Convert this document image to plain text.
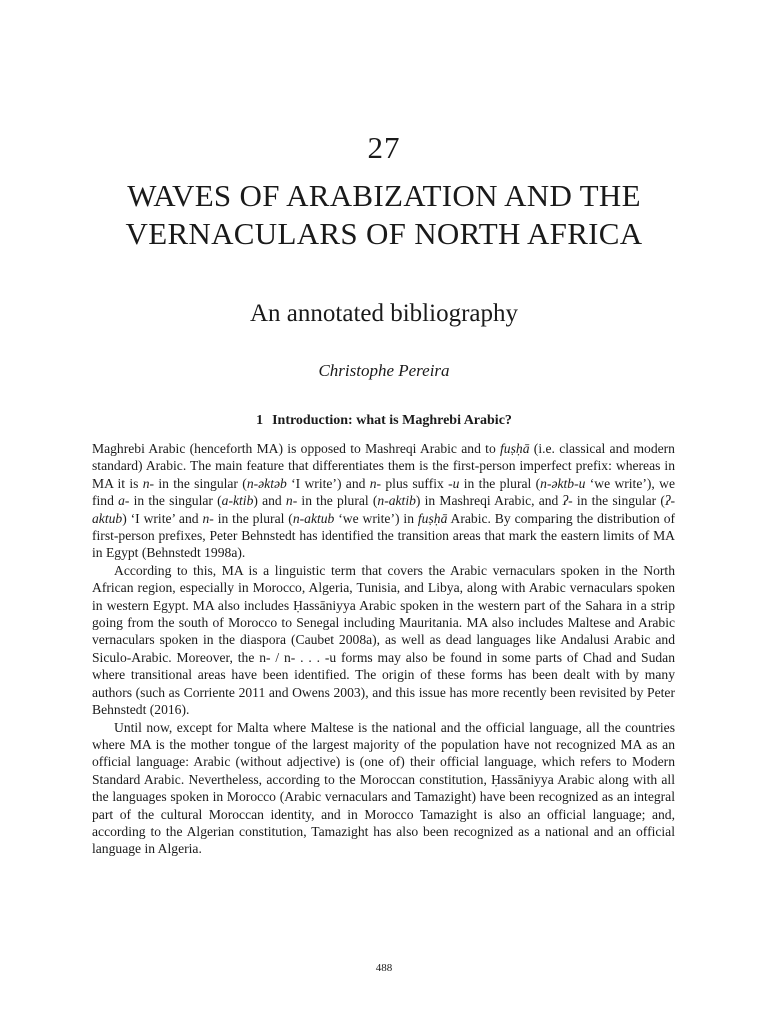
27
WAVES OF ARABIZATION AND THE VERNACULARS OF NORTH AFRICA
An annotated bibliography
Christophe Pereira
1 Introduction: what is Maghrebi Arabic?

Maghrebi Arabic (henceforth MA) is opposed to Mashreqi Arabic and to fuṣḥā (i.e. classical and modern standard) Arabic. The main feature that differentiates them is the first-person imperfect prefix: whereas in MA it is n- in the singular (n-əktəb ‘I write’) and n- plus suffix -u in the plural (n-əktb-u ‘we write’), we find a- in the singular (a-ktib) and n- in the plural (n-aktib) in Mashreqi Arabic, and ʔ- in the singular (ʔ-aktub) ‘I write’ and n- in the plural (n-aktub ‘we write’) in fuṣḥā Arabic. By comparing the distribution of first-person prefixes, Peter Behnstedt has identified the transition areas that mark the eastern limits of MA in Egypt (Behnstedt 1998a).

According to this, MA is a linguistic term that covers the Arabic vernaculars spoken in the North African region, especially in Morocco, Algeria, Tunisia, and Libya, along with Arabic vernaculars spoken in western Egypt. MA also includes Ḥassāniyya Arabic spoken in the western part of the Sahara in a strip going from the south of Morocco to Senegal including Mauritania. MA also includes Maltese and Arabic vernaculars spoken in the diaspora (Caubet 2008a), as well as dead languages like Andalusi Arabic and Siculo-Arabic. Moreover, the n- / n- . . . -u forms may also be found in some parts of Chad and Sudan where transitional areas have been identified. The origin of these forms has been dealt with by many authors (such as Corriente 2011 and Owens 2003), and this issue has more recently been revisited by Peter Behnstedt (2016).

Until now, except for Malta where Maltese is the national and the official language, all the countries where MA is the mother tongue of the largest majority of the population have not recognized MA as an official language: Arabic (without adjective) is (one of) their official language, which refers to Modern Standard Arabic. Nevertheless, according to the Moroccan constitution, Ḥassāniyya Arabic along with all the languages spoken in Morocco (Arabic vernaculars and Tamazight) have been recognized as an integral part of the cultural Moroccan identity, and in Morocco Tamazight is also an official language; and, according to the Algerian constitution, Tamazight has also been recognized as a national and an official language in Algeria.

488
